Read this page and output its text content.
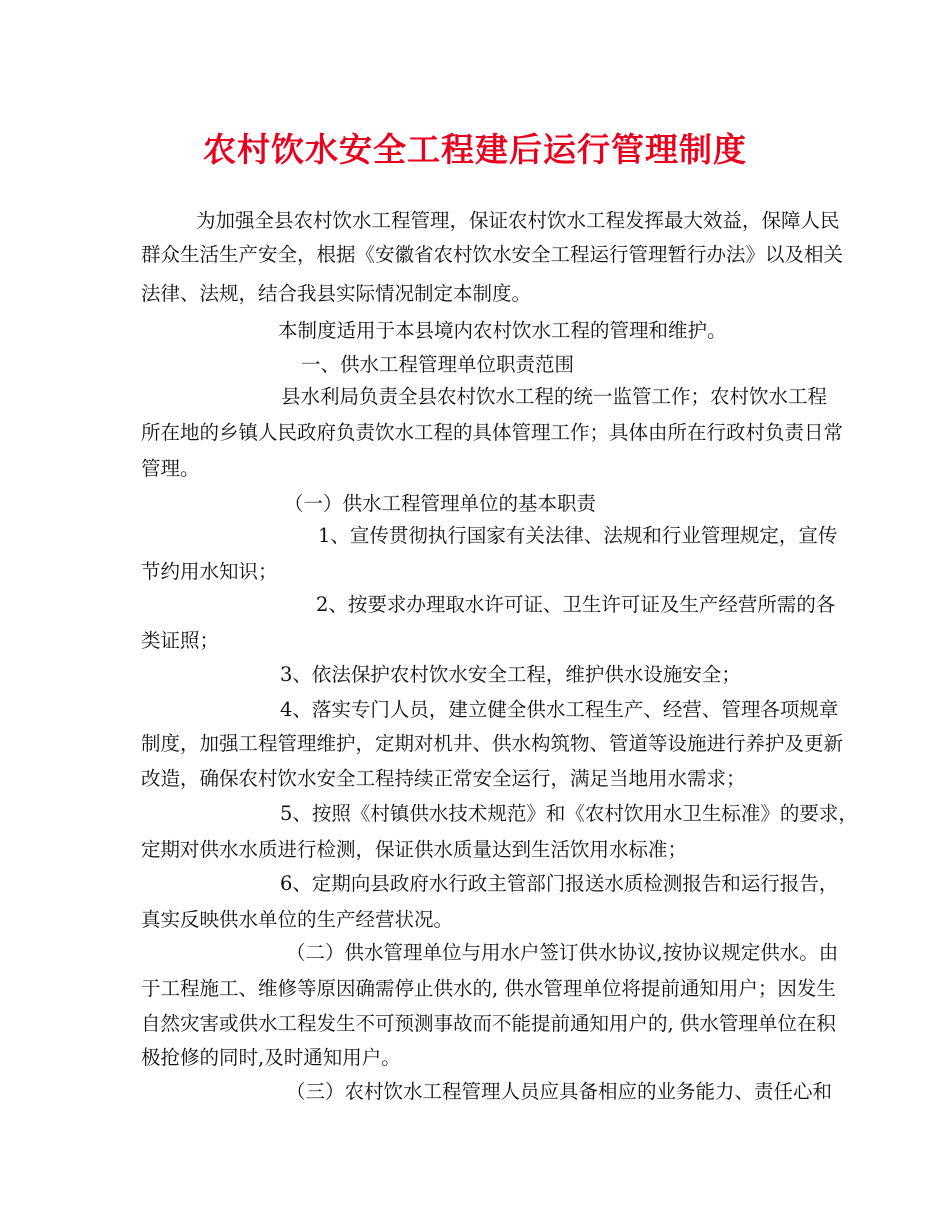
农村饮水安全工程建后运行管理制度
为加强全县农村饮水工程管理，保证农村饮水工程发挥最大效益，保障人民
群众生活生产安全，根据《安徽省农村饮水安全工程运行管理暂行办法》以及相关
法律、法规，结合我县实际情况制定本制度。
本制度适用于本县境内农村饮水工程的管理和维护。
一、供水工程管理单位职责范围
县水利局负责全县农村饮水工程的统一监管工作；农村饮水工程
所在地的乡镇人民政府负责饮水工程的具体管理工作；具体由所在行政村负责日常
管理。
（一）供水工程管理单位的基本职责
1、宣传贯彻执行国家有关法律、法规和行业管理规定，宣传
节约用水知识；
2、按要求办理取水许可证、卫生许可证及生产经营所需的各
类证照；
3、依法保护农村饮水安全工程，维护供水设施安全；
4、落实专门人员，建立健全供水工程生产、经营、管理各项规章
制度，加强工程管理维护，定期对机井、供水构筑物、管道等设施进行养护及更新
改造，确保农村饮水安全工程持续正常安全运行，满足当地用水需求；
5、按照《村镇供水技术规范》和《农村饮用水卫生标准》的要求，
定期对供水水质进行检测，保证供水质量达到生活饮用水标准；
6、定期向县政府水行政主管部门报送水质检测报告和运行报告，
真实反映供水单位的生产经营状况。
（二）供水管理单位与用水户签订供水协议,按协议规定供水。由
于工程施工、维修等原因确需停止供水的, 供水管理单位将提前通知用户；因发生
自然灾害或供水工程发生不可预测事故而不能提前通知用户的, 供水管理单位在积
极抢修的同时,及时通知用户。
（三）农村饮水工程管理人员应具备相应的业务能力、责任心和
